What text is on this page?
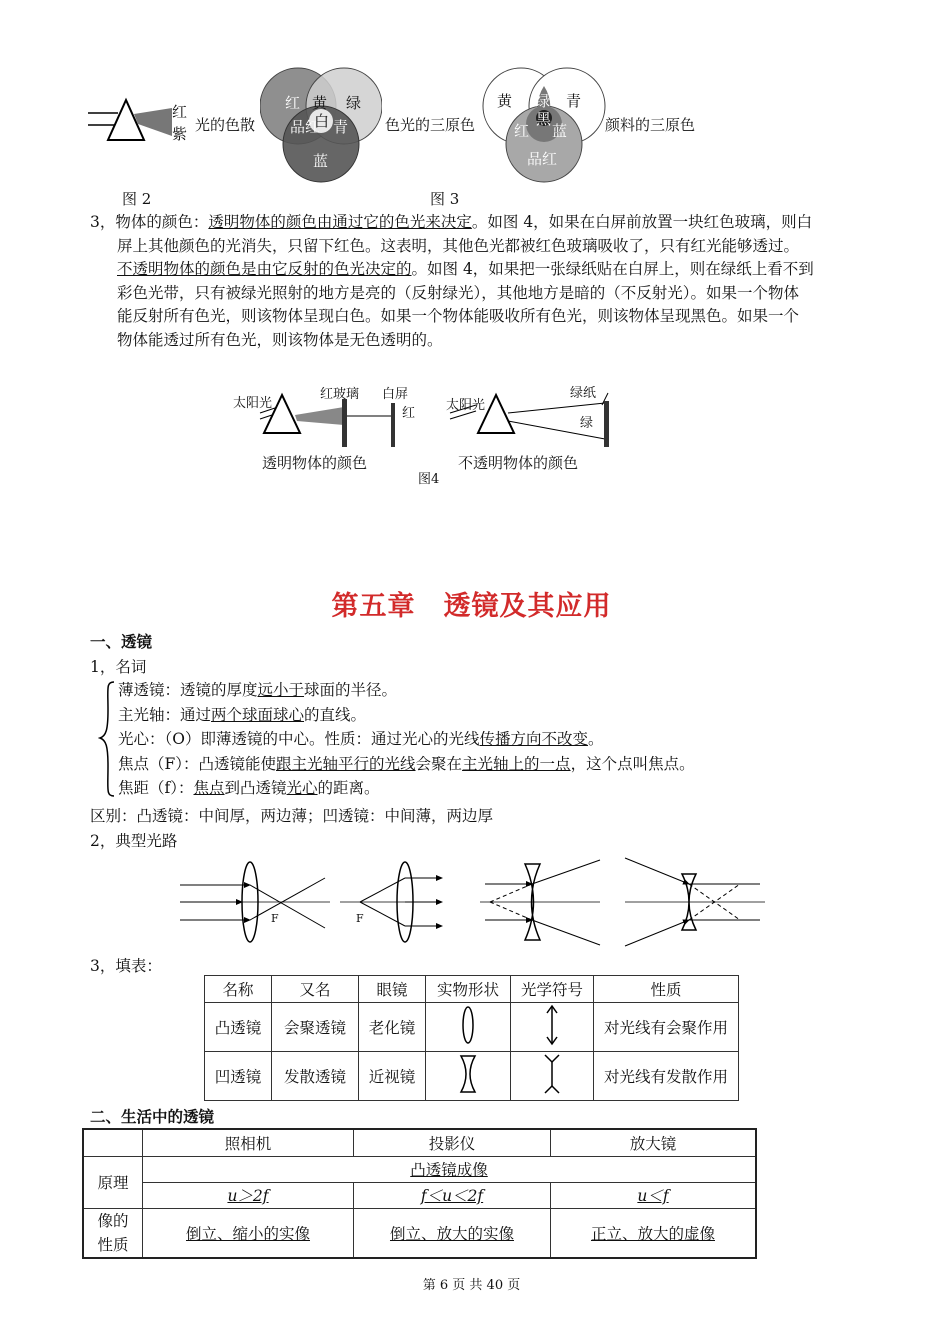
红
紫 光的色散
图 2
红	绿
蓝
黄
青
品红
白	色光的三原色
黄	青
品红
绿
红 蓝
黑	颜料的三原色
图 3

3，物体的颜色：透明物体的颜色由通过它的色光来决定。如图 4，如果在白屏前放置一块红色玻璃，则白

屏上其他颜色的光消失，只留下红色。这表明，其他色光都被红色玻璃吸收了，只有红光能够透过。

不透明物体的颜色是由它反射的色光决定的。如图 4，如果把一张绿纸贴在白屏上，则在绿纸上看不到

彩色光带，只有被绿光照射的地方是亮的（反射绿光），其他地方是暗的（不反射光）。如果一个物体

能反射所有色光，则该物体呈现白色。如果一个物体能吸收所有色光，则该物体呈现黑色。如果一个

物体能透过所有色光，则该物体是无色透明的。

太阳光
红玻璃 白屏
红
透明物体的颜色
太阳光
绿纸
绿
不透明物体的颜色
图4
第五章 透镜及其应用
一、透镜
1，名词

薄透镜：透镜的厚度远小于球面的半径。

主光轴：通过两个球面球心的直线。

光心：（O）即薄透镜的中心。性质：通过光心的光线传播方向不改变。

焦点（F）：凸透镜能使跟主光轴平行的光线会聚在主光轴上的一点，这个点叫焦点。

焦距（f）：焦点到凸透镜光心的距离。

区别：凸透镜：中间厚，两边薄；凹透镜：中间薄，两边厚
2，典型光路
F	F
3，填表：
名称	又名	眼镜	实物形状	光学符号	性质
凸透镜	会聚透镜	老化镜			对光线有会聚作用
凹透镜	发散透镜	近视镜			对光线有发散作用
二、生活中的透镜
	照相机	投影仪	放大镜
原理	凸透镜成像		
	u＞2f	f＜u＜2f	u＜f

像的
性质	倒立、缩小的实像	倒立、放大的实像	正立、放大的虚像
第 6 页 共 40 页
